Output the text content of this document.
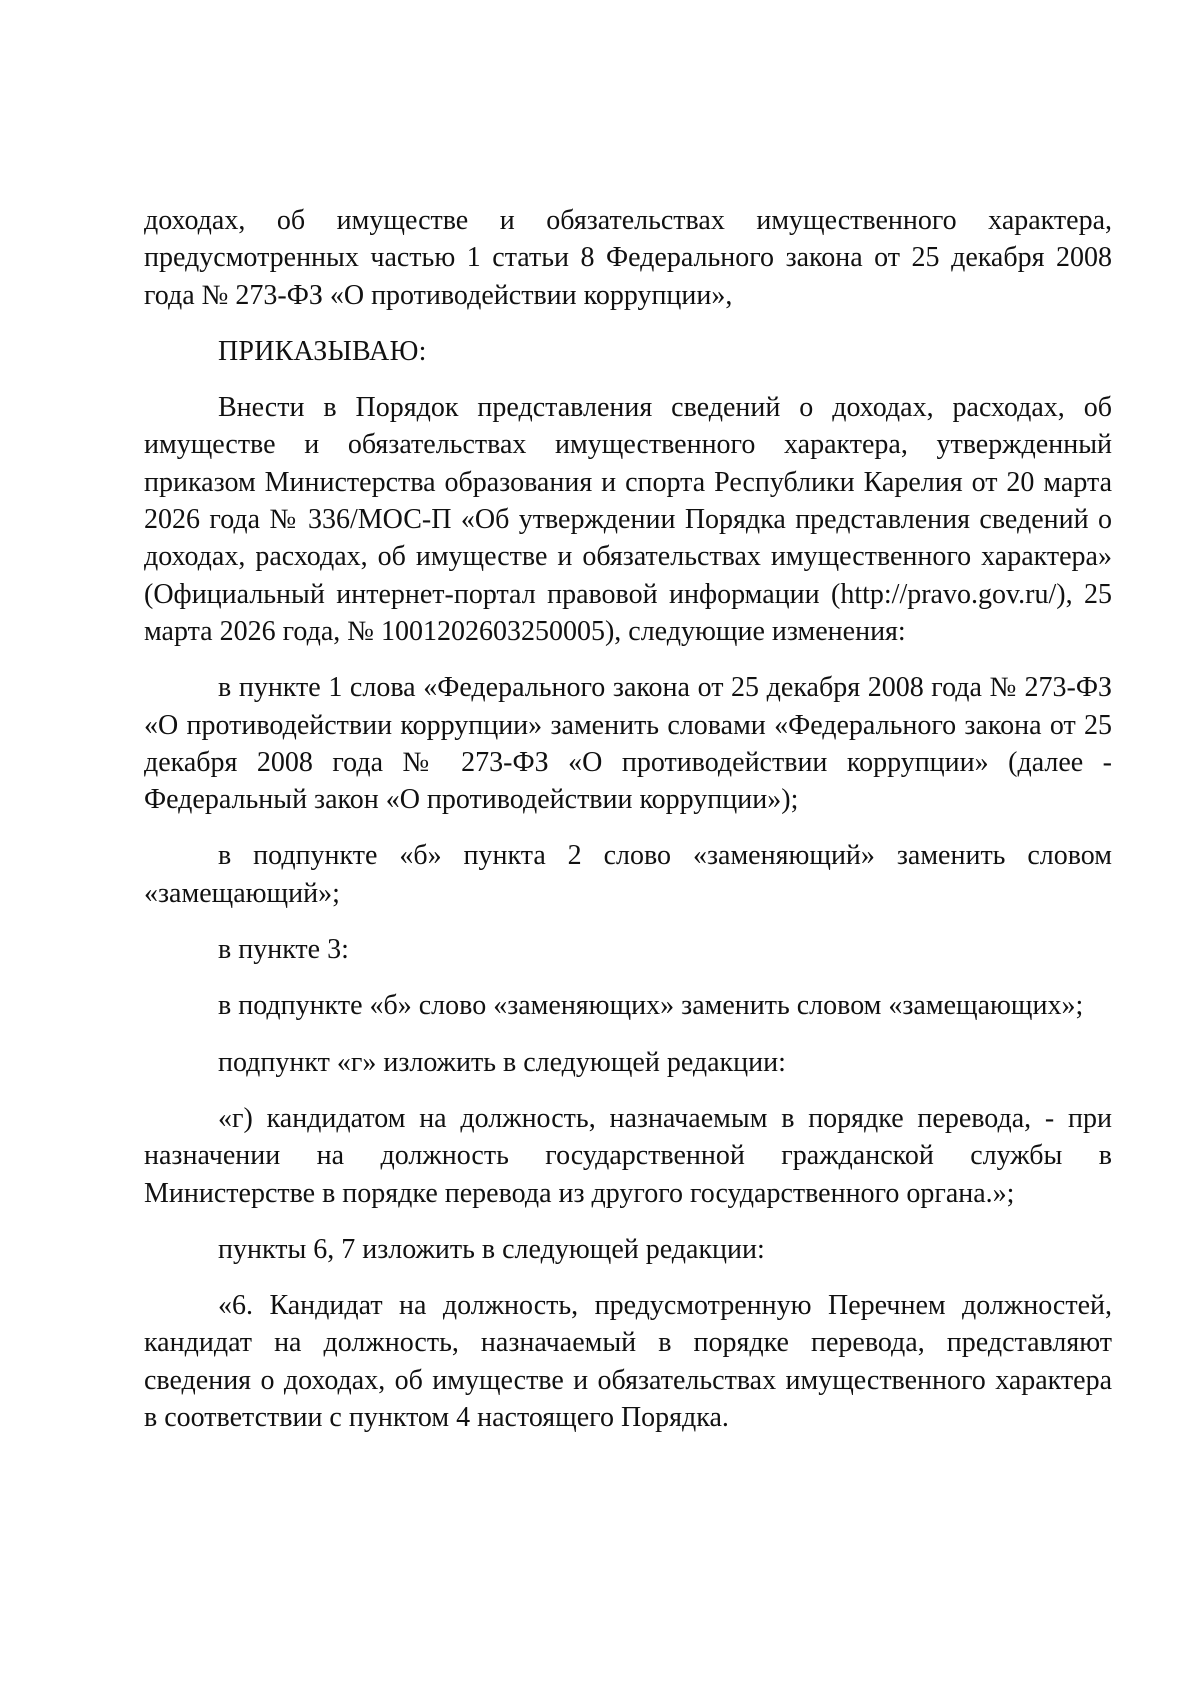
доходах, об имуществе и обязательствах имущественного характера, предусмотренных частью 1 статьи 8 Федерального закона от 25 декабря 2008 года № 273-ФЗ «О противодействии коррупции»,

ПРИКАЗЫВАЮ:

Внести в Порядок представления сведений о доходах, расходах, об имуществе и обязательствах имущественного характера, утвержденный приказом Министерства образования и спорта Республики Карелия от 20 марта 2026 года № 336/МОС-П «Об утверждении Порядка представления сведений о доходах, расходах, об имуществе и обязательствах имущественного характера» (Официальный интернет-портал правовой информации (http://pravo.gov.ru/), 25 марта 2026 года, № 1001202603250005), следующие изменения:

в пункте 1 слова «Федерального закона от 25 декабря 2008 года № 273-ФЗ «О противодействии коррупции» заменить словами «Федерального закона от 25 декабря 2008 года № 273-ФЗ «О противодействии коррупции» (далее - Федеральный закон «О противодействии коррупции»);

в подпункте «б» пункта 2 слово «заменяющий» заменить словом «замещающий»;

в пункте 3:

в подпункте «б» слово «заменяющих» заменить словом «замещающих»;

подпункт «г» изложить в следующей редакции:

«г) кандидатом на должность, назначаемым в порядке перевода, - при назначении на должность государственной гражданской службы в Министерстве в порядке перевода из другого государственного органа.»;

пункты 6, 7 изложить в следующей редакции:

«6. Кандидат на должность, предусмотренную Перечнем должностей, кандидат на должность, назначаемый в порядке перевода, представляют сведения о доходах, об имуществе и обязательствах имущественного характера в соответствии с пунктом 4 настоящего Порядка.
